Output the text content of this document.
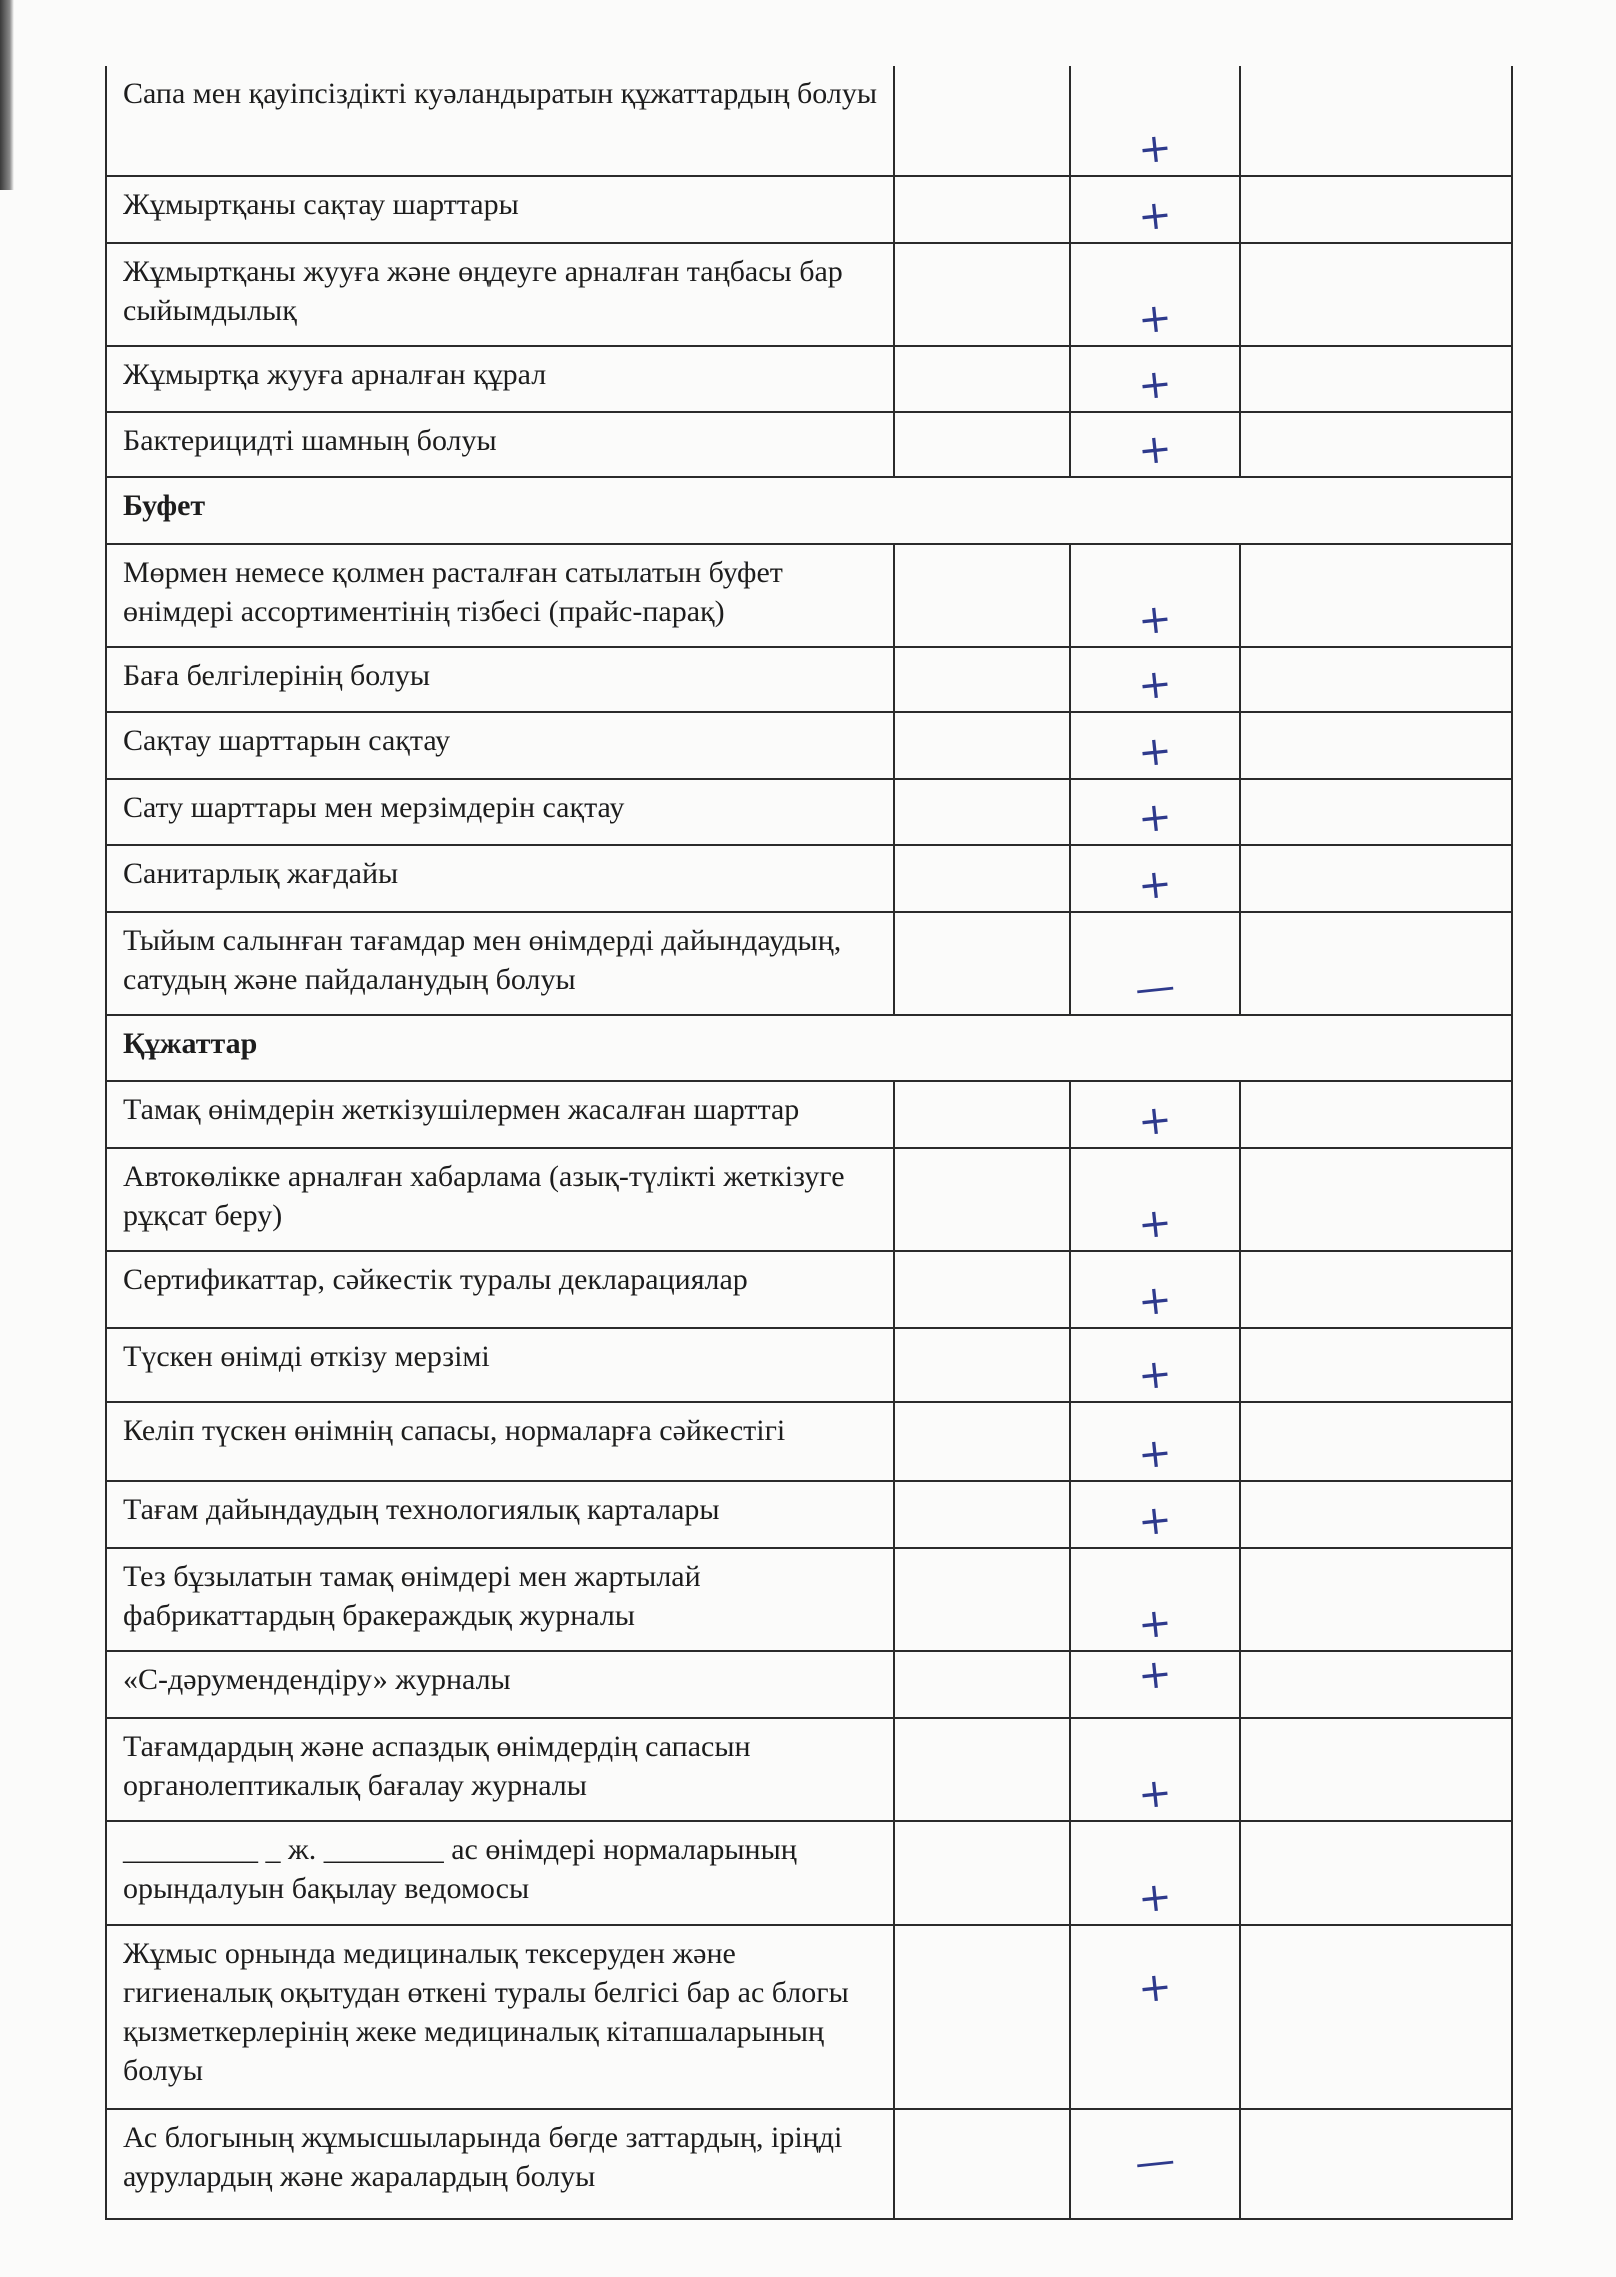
Сапа мен қауіпсіздікті куәландыратын құжаттардың болуы		+		

Жұмыртқаны сақтау шарттары		+		

Жұмыртқаны жууға және өңдеуге арналған таңбасы бар сыйымдылық		+		

Жұмыртқа жууға арналған құрал		+		

Бактерицидті шамның болуы		+		

Буфет				
Мөрмен немесе қолмен расталған сатылатын буфет өнімдері ассортиментінің тізбесі (прайс-парақ)		+		

Баға белгілерінің болуы		+		

Сақтау шарттарын сақтау		+		

Сату шарттары мен мерзімдерін сақтау		+		

Санитарлық жағдайы		+		

Тыйым салынған тағамдар мен өнімдерді дайындаудың, сатудың және пайдаланудың болуы		—		

Құжаттар				
Тамақ өнімдерін жеткізушілермен жасалған шарттар		+		

Автокөлікке арналған хабарлама (азық-түлікті жеткізуге рұқсат беру)		+		

Сертификаттар, сәйкестік туралы декларациялар		+		

Түскен өнімді өткізу мерзімі		+		

Келіп түскен өнімнің сапасы, нормаларға сәйкестігі		+		

Тағам дайындаудың технологиялық карталары		+		

Тез бұзылатын тамақ өнімдері мен жартылай фабрикаттардың бракераждық журналы		+		

«С-дәрумендендіру» журналы		+		

Тағамдардың және аспаздық өнімдердің сапасын органолептикалық бағалау журналы		+		

_________ _ ж. ________ ас өнімдері нормаларының орындалуын бақылау ведомосы		+		

Жұмыс орнында медициналық тексеруден және гигиеналық оқытудан өткені туралы белгісі бар ас блогы қызметкерлерінің жеке медициналық кітапшаларының болуы		+		

Ас блогының жұмысшыларында бөгде заттардың, іріңді аурулардың және жаралардың болуы		—		
